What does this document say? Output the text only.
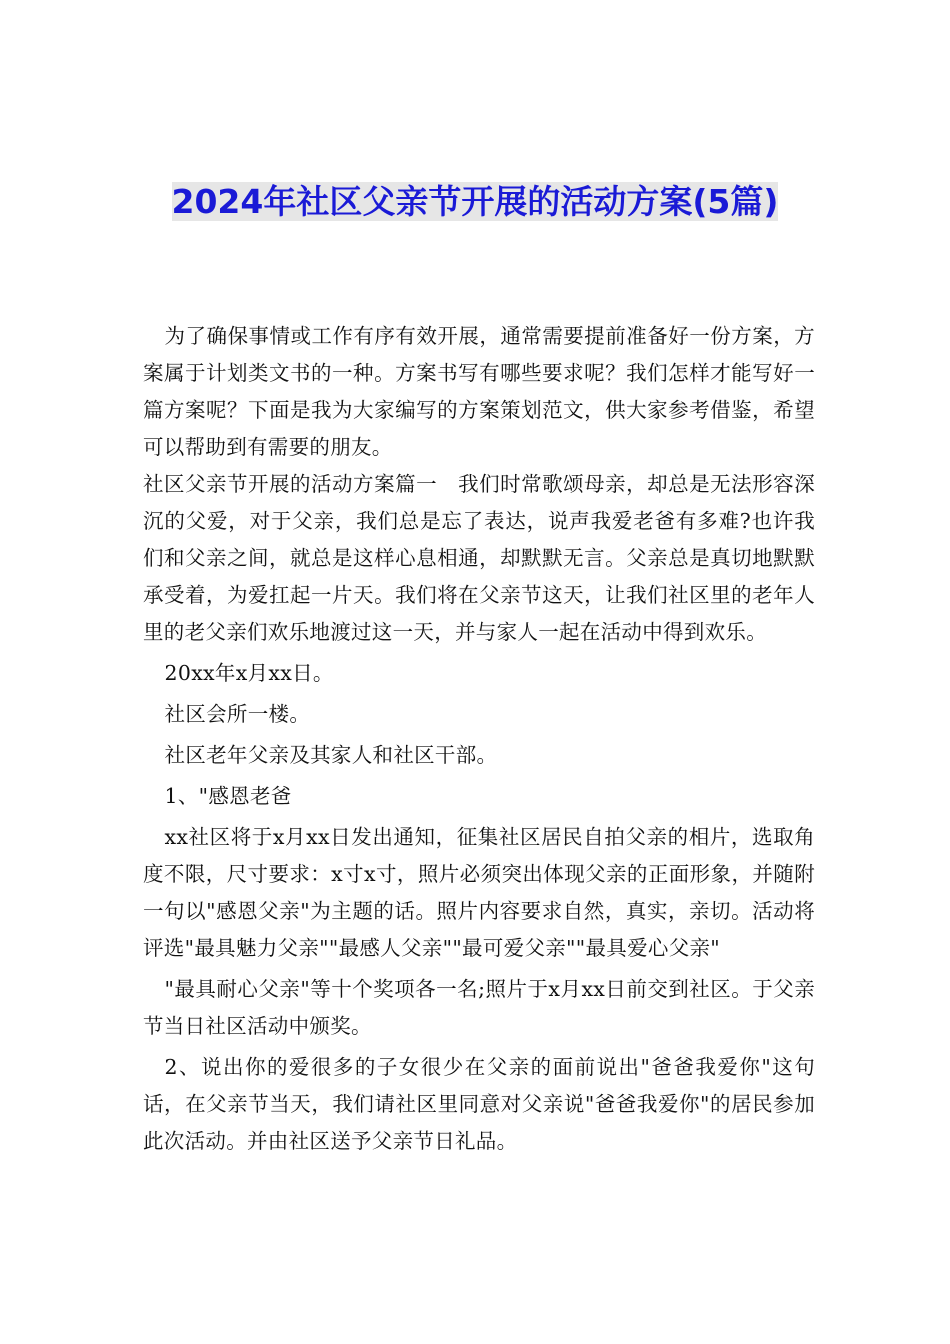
2024年社区父亲节开展的活动方案(5篇)

为了确保事情或工作有序有效开展，通常需要提前准备好一份方案，方案属于计划类文书的一种。方案书写有哪些要求呢？我们怎样才能写好一篇方案呢？下面是我为大家编写的方案策划范文，供大家参考借鉴，希望可以帮助到有需要的朋友。

社区父亲节开展的活动方案篇一　我们时常歌颂母亲，却总是无法形容深沉的父爱，对于父亲，我们总是忘了表达，说声我爱老爸有多难?也许我们和父亲之间，就总是这样心息相通，却默默无言。父亲总是真切地默默承受着，为爱扛起一片天。我们将在父亲节这天，让我们社区里的老年人里的老父亲们欢乐地渡过这一天，并与家人一起在活动中得到欢乐。

20xx年x月xx日。

社区会所一楼。

社区老年父亲及其家人和社区干部。

1、"感恩老爸

xx社区将于x月xx日发出通知，征集社区居民自拍父亲的相片，选取角度不限，尺寸要求：x寸x寸，照片必须突出体现父亲的正面形象，并随附一句以"感恩父亲"为主题的话。照片内容要求自然，真实，亲切。活动将评选"最具魅力父亲""最感人父亲""最可爱父亲""最具爱心父亲"

"最具耐心父亲"等十个奖项各一名;照片于x月xx日前交到社区。于父亲节当日社区活动中颁奖。

2、说出你的爱很多的子女很少在父亲的面前说出"爸爸我爱你"这句话，在父亲节当天，我们请社区里同意对父亲说"爸爸我爱你"的居民参加此次活动。并由社区送予父亲节日礼品。
